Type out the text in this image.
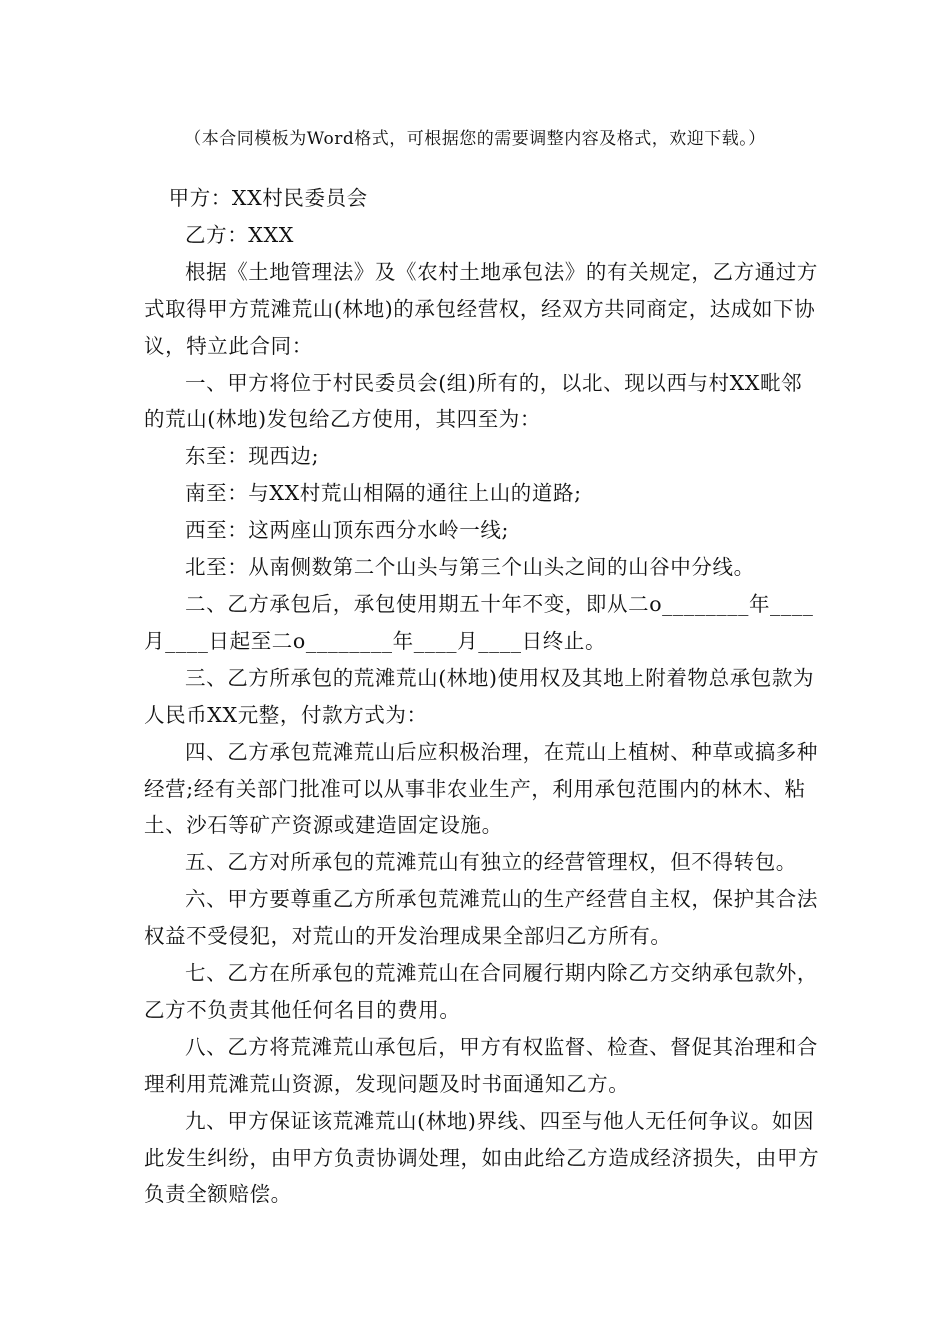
（本合同模板为Word格式，可根据您的需要调整内容及格式，欢迎下载。）

甲方：XX村民委员会

乙方：XXX

根据《土地管理法》及《农村土地承包法》的有关规定，乙方通过方式取得甲方荒滩荒山(林地)的承包经营权，经双方共同商定，达成如下协议，特立此合同：

一、甲方将位于村民委员会(组)所有的，以北、现以西与村XX毗邻的荒山(林地)发包给乙方使用，其四至为：

东至：现西边;

南至：与XX村荒山相隔的通往上山的道路;

西至：这两座山顶东西分水岭一线;

北至：从南侧数第二个山头与第三个山头之间的山谷中分线。

二、乙方承包后，承包使用期五十年不变，即从二o________年____月____日起至二o________年____月____日终止。

三、乙方所承包的荒滩荒山(林地)使用权及其地上附着物总承包款为人民币XX元整，付款方式为：

四、乙方承包荒滩荒山后应积极治理，在荒山上植树、种草或搞多种经营;经有关部门批准可以从事非农业生产，利用承包范围内的林木、粘土、沙石等矿产资源或建造固定设施。

五、乙方对所承包的荒滩荒山有独立的经营管理权，但不得转包。

六、甲方要尊重乙方所承包荒滩荒山的生产经营自主权，保护其合法权益不受侵犯，对荒山的开发治理成果全部归乙方所有。

七、乙方在所承包的荒滩荒山在合同履行期内除乙方交纳承包款外，乙方不负责其他任何名目的费用。

八、乙方将荒滩荒山承包后，甲方有权监督、检查、督促其治理和合理利用荒滩荒山资源，发现问题及时书面通知乙方。

九、甲方保证该荒滩荒山(林地)界线、四至与他人无任何争议。如因此发生纠纷，由甲方负责协调处理，如由此给乙方造成经济损失，由甲方负责全额赔偿。
